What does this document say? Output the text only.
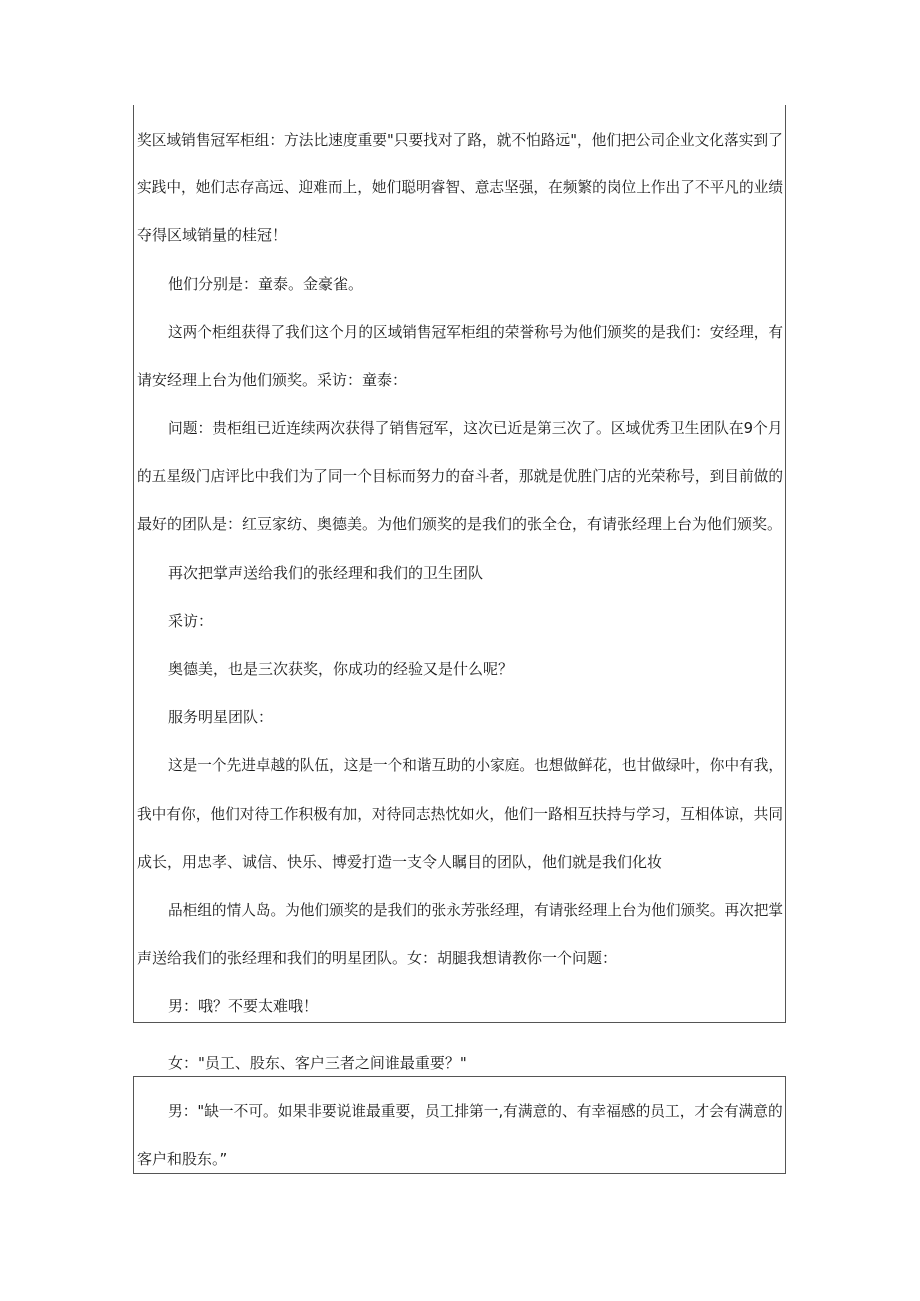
奖区域销售冠军柜组：方法比速度重要"只要找对了路，就不怕路远"，他们把公司企业文化落实到了
实践中，她们志存高远、迎难而上，她们聪明睿智、意志坚强，在频繁的岗位上作出了不平凡的业绩
夺得区域销量的桂冠！
他们分别是：童泰。金豪雀。
这两个柜组获得了我们这个月的区域销售冠军柜组的荣誉称号为他们颁奖的是我们：安经理，有
请安经理上台为他们颁奖。采访：童泰：
问题：贵柜组已近连续两次获得了销售冠军，这次已近是第三次了。区域优秀卫生团队在9个月
的五星级门店评比中我们为了同一个目标而努力的奋斗者，那就是优胜门店的光荣称号，到目前做的
最好的团队是：红豆家纺、奥德美。为他们颁奖的是我们的张全仓，有请张经理上台为他们颁奖。
再次把掌声送给我们的张经理和我们的卫生团队
采访：
奥德美，也是三次获奖，你成功的经验又是什么呢？
服务明星团队：
这是一个先进卓越的队伍，这是一个和谐互助的小家庭。也想做鲜花，也甘做绿叶，你中有我，
我中有你，他们对待工作积极有加，对待同志热忱如火，他们一路相互扶持与学习，互相体谅，共同
成长，用忠孝、诚信、快乐、博爱打造一支令人瞩目的团队，他们就是我们化妆
品柜组的情人岛。为他们颁奖的是我们的张永芳张经理，有请张经理上台为他们颁奖。再次把掌
声送给我们的张经理和我们的明星团队。女：胡腿我想请教你一个问题：
男：哦？不要太难哦！
女："员工、股东、客户三者之间谁最重要？"
男："缺一不可。如果非要说谁最重要，员工排第一,有满意的、有幸福感的员工，才会有满意的
客户和股东。”
